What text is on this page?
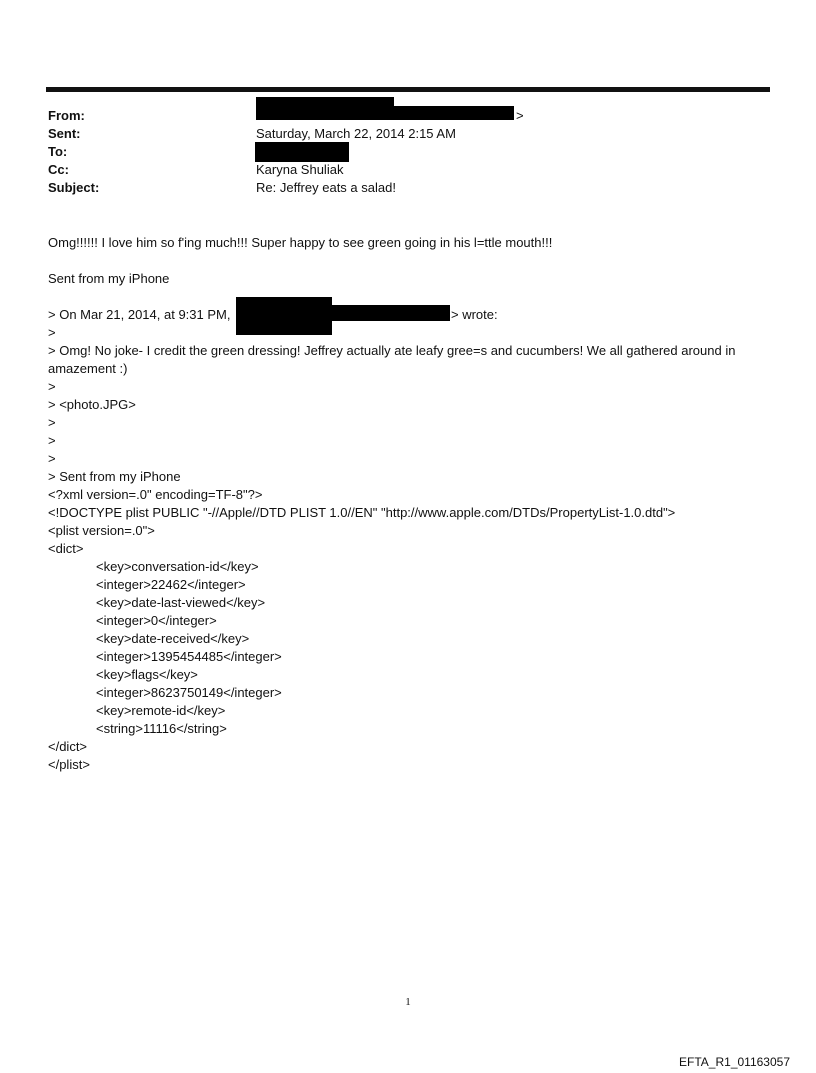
From:	>
Sent:	Saturday, March 22, 2014 2:15 AM
To:
Cc:	Karyna Shuliak
Subject:	Re: Jeffrey eats a salad!
Omg!!!!!! I love him so f'ing much!!! Super happy to see green going in his l=ttle mouth!!!
Sent from my iPhone
> On Mar 21, 2014, at 9:31 PM,	> wrote:
>
> Omg! No joke- I credit the green dressing! Jeffrey actually ate leafy gree=s and cucumbers! We all gathered around in amazement :)
>
> <photo.JPG>
>
>
>
> Sent from my iPhone
<?xml version=.0" encoding=TF-8"?>
<!DOCTYPE plist PUBLIC "-//Apple//DTD PLIST 1.0//EN" "http://www.apple.com/DTDs/PropertyList-1.0.dtd">
<plist version=.0">
<dict>
<key>conversation-id</key>
<integer>22462</integer>
<key>date-last-viewed</key>
<integer>0</integer>
<key>date-received</key>
<integer>1395454485</integer>
<key>flags</key>
<integer>8623750149</integer>
<key>remote-id</key>
<string>11116</string>
</dict>
</plist>
1
EFTA_R1_01163057
